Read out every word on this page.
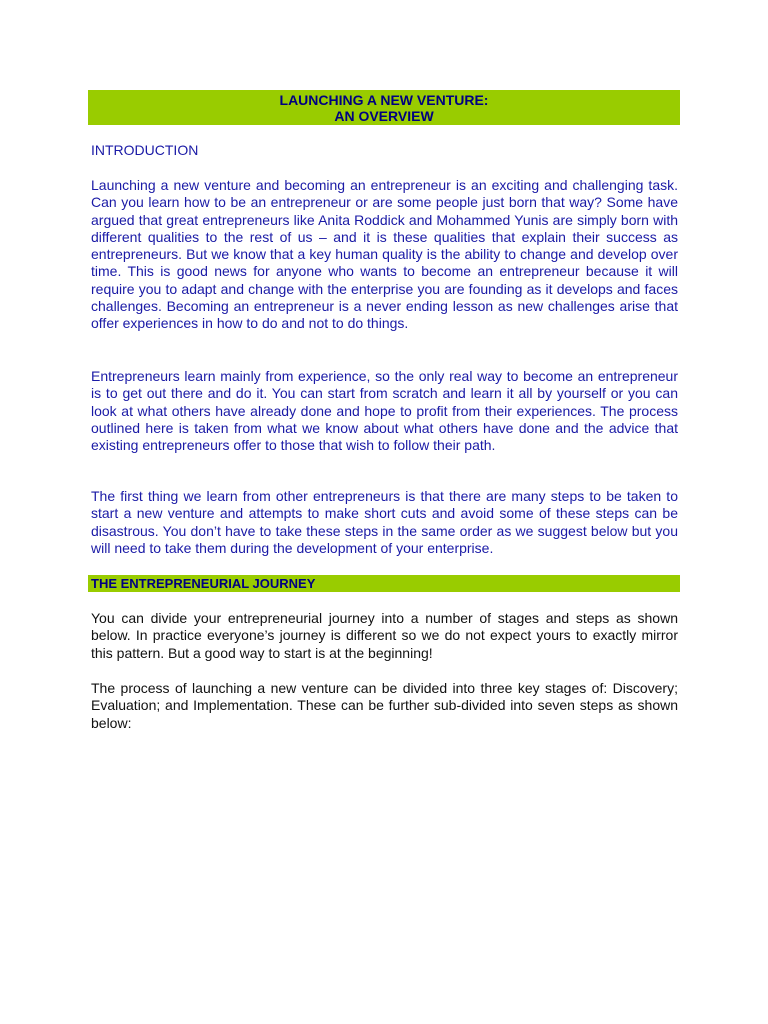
LAUNCHING A NEW VENTURE:
AN OVERVIEW
INTRODUCTION
Launching a new venture and becoming an entrepreneur is an exciting and challenging task. Can you learn how to be an entrepreneur or are some people just born that way? Some have argued that great entrepreneurs like Anita Roddick and Mohammed Yunis are simply born with different qualities to the rest of us – and it is these qualities that explain their success as entrepreneurs. But we know that a key human quality is the ability to change and develop over time. This is good news for anyone who wants to become an entrepreneur because it will require you to adapt and change with the enterprise you are founding as it develops and faces challenges. Becoming an entrepreneur is a never ending lesson as new challenges arise that offer experiences in how to do and not to do things.
Entrepreneurs learn mainly from experience, so the only real way to become an entrepreneur is to get out there and do it. You can start from scratch and learn it all by yourself or you can look at what others have already done and hope to profit from their experiences. The process outlined here is taken from what we know about what others have done and the advice that existing entrepreneurs offer to those that wish to follow their path.
The first thing we learn from other entrepreneurs is that there are many steps to be taken to start a new venture and attempts to make short cuts and avoid some of these steps can be disastrous. You don’t have to take these steps in the same order as we suggest below but you will need to take them during the development of your enterprise.
THE ENTREPRENEURIAL JOURNEY
You can divide your entrepreneurial journey into a number of stages and steps as shown below. In practice everyone’s journey is different so we do not expect yours to exactly mirror this pattern. But a good way to start is at the beginning!
The process of launching a new venture can be divided into three key stages of: Discovery; Evaluation; and Implementation. These can be further sub-divided into seven steps as shown below:
